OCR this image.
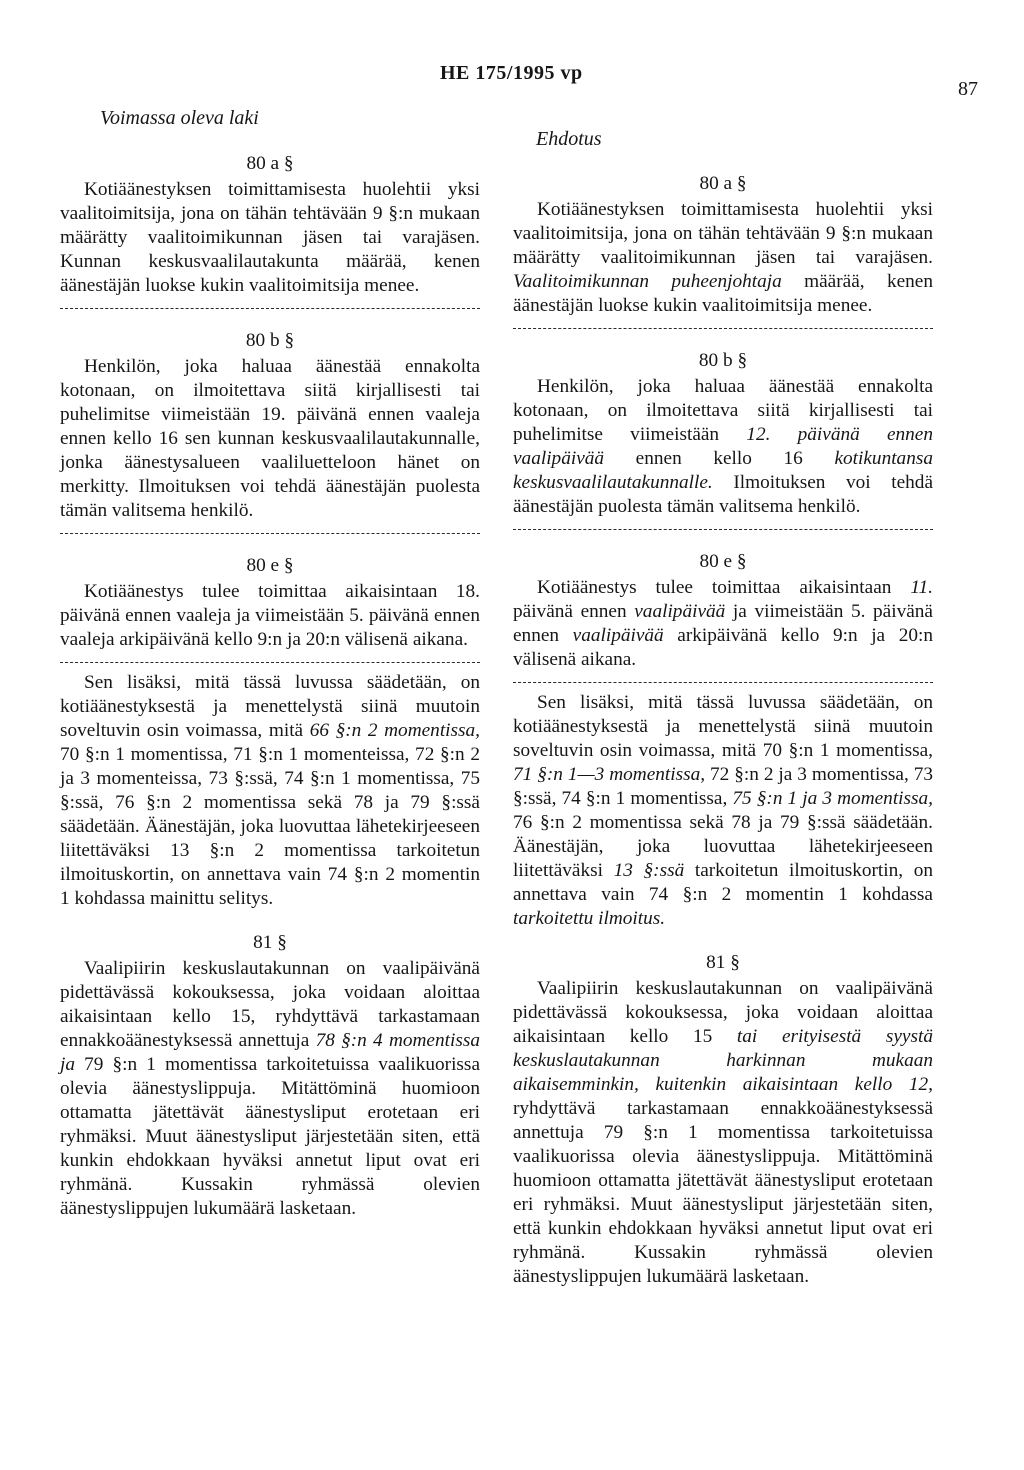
HE 175/1995 vp
87
Voimassa oleva laki
Ehdotus

80 a §

Kotiäänestyksen toimittamisesta huolehtii yksi vaalitoimitsija, jona on tähän tehtävään 9 §:n mukaan määrätty vaalitoimikunnan jäsen tai varajäsen. Kunnan keskusvaalilautakunta määrää, kenen äänestäjän luokse kukin vaalitoimitsija menee.

80 b §

Henkilön, joka haluaa äänestää ennakolta kotonaan, on ilmoitettava siitä kirjallisesti tai puhelimitse viimeistään 19. päivänä ennen vaaleja ennen kello 16 sen kunnan keskusvaalilautakunnalle, jonka äänestysalueen vaaliluetteloon hänet on merkitty. Ilmoituksen voi tehdä äänestäjän puolesta tämän valitsema henkilö.

80 e §

Kotiäänestys tulee toimittaa aikaisintaan 18. päivänä ennen vaaleja ja viimeistään 5. päivänä ennen vaaleja arkipäivänä kello 9:n ja 20:n välisenä aikana.

Sen lisäksi, mitä tässä luvussa säädetään, on kotiäänestyksestä ja menettelystä siinä muutoin soveltuvin osin voimassa, mitä 66 §:n 2 momentissa, 70 §:n 1 momentissa, 71 §:n 1 momenteissa, 72 §:n 2 ja 3 momenteissa, 73 §:ssä, 74 §:n 1 momentissa, 75 §:ssä, 76 §:n 2 momentissa sekä 78 ja 79 §:ssä säädetään. Äänestäjän, joka luovuttaa lähetekirjeeseen liitettäväksi 13 §:n 2 momentissa tarkoitetun ilmoituskortin, on annettava vain 74 §:n 2 momentin 1 kohdassa mainittu selitys.

81 §

Vaalipiirin keskuslautakunnan on vaalipäivänä pidettävässä kokouksessa, joka voidaan aloittaa aikaisintaan kello 15, ryhdyttävä tarkastamaan ennakkoäänestyksessä annettuja 78 §:n 4 momentissa ja 79 §:n 1 momentissa tarkoitetuissa vaalikuorissa olevia äänestyslippuja. Mitättöminä huomioon ottamatta jätettävät äänestysliput erotetaan eri ryhmäksi. Muut äänestysliput järjestetään siten, että kunkin ehdokkaan hyväksi annetut liput ovat eri ryhmänä. Kussakin ryhmässä olevien äänestyslippujen lukumäärä lasketaan.

80 a §

Kotiäänestyksen toimittamisesta huolehtii yksi vaalitoimitsija, jona on tähän tehtävään 9 §:n mukaan määrätty vaalitoimikunnan jäsen tai varajäsen. Vaalitoimikunnan puheenjohtaja määrää, kenen äänestäjän luokse kukin vaalitoimitsija menee.

80 b §

Henkilön, joka haluaa äänestää ennakolta kotonaan, on ilmoitettava siitä kirjallisesti tai puhelimitse viimeistään 12. päivänä ennen vaalipäivää ennen kello 16 kotikuntansa keskusvaalilautakunnalle. Ilmoituksen voi tehdä äänestäjän puolesta tämän valitsema henkilö.

80 e §

Kotiäänestys tulee toimittaa aikaisintaan 11. päivänä ennen vaalipäivää ja viimeistään 5. päivänä ennen vaalipäivää arkipäivänä kello 9:n ja 20:n välisenä aikana.

Sen lisäksi, mitä tässä luvussa säädetään, on kotiäänestyksestä ja menettelystä siinä muutoin soveltuvin osin voimassa, mitä 70 §:n 1 momentissa, 71 §:n 1—3 momentissa, 72 §:n 2 ja 3 momentissa, 73 §:ssä, 74 §:n 1 momentissa, 75 §:n 1 ja 3 momentissa, 76 §:n 2 momentissa sekä 78 ja 79 §:ssä säädetään. Äänestäjän, joka luovuttaa lähetekirjeeseen liitettäväksi 13 §:ssä tarkoitetun ilmoituskortin, on annettava vain 74 §:n 2 momentin 1 kohdassa tarkoitettu ilmoitus.

81 §

Vaalipiirin keskuslautakunnan on vaalipäivänä pidettävässä kokouksessa, joka voidaan aloittaa aikaisintaan kello 15 tai erityisestä syystä keskuslautakunnan harkinnan mukaan aikaisemminkin, kuitenkin aikaisintaan kello 12, ryhdyttävä tarkastamaan ennakkoäänestyksessä annettuja 79 §:n 1 momentissa tarkoitetuissa vaalikuorissa olevia äänestyslippuja. Mitättöminä huomioon ottamatta jätettävät äänestysliput erotetaan eri ryhmäksi. Muut äänestysliput järjestetään siten, että kunkin ehdokkaan hyväksi annetut liput ovat eri ryhmänä. Kussakin ryhmässä olevien äänestyslippujen lukumäärä lasketaan.
